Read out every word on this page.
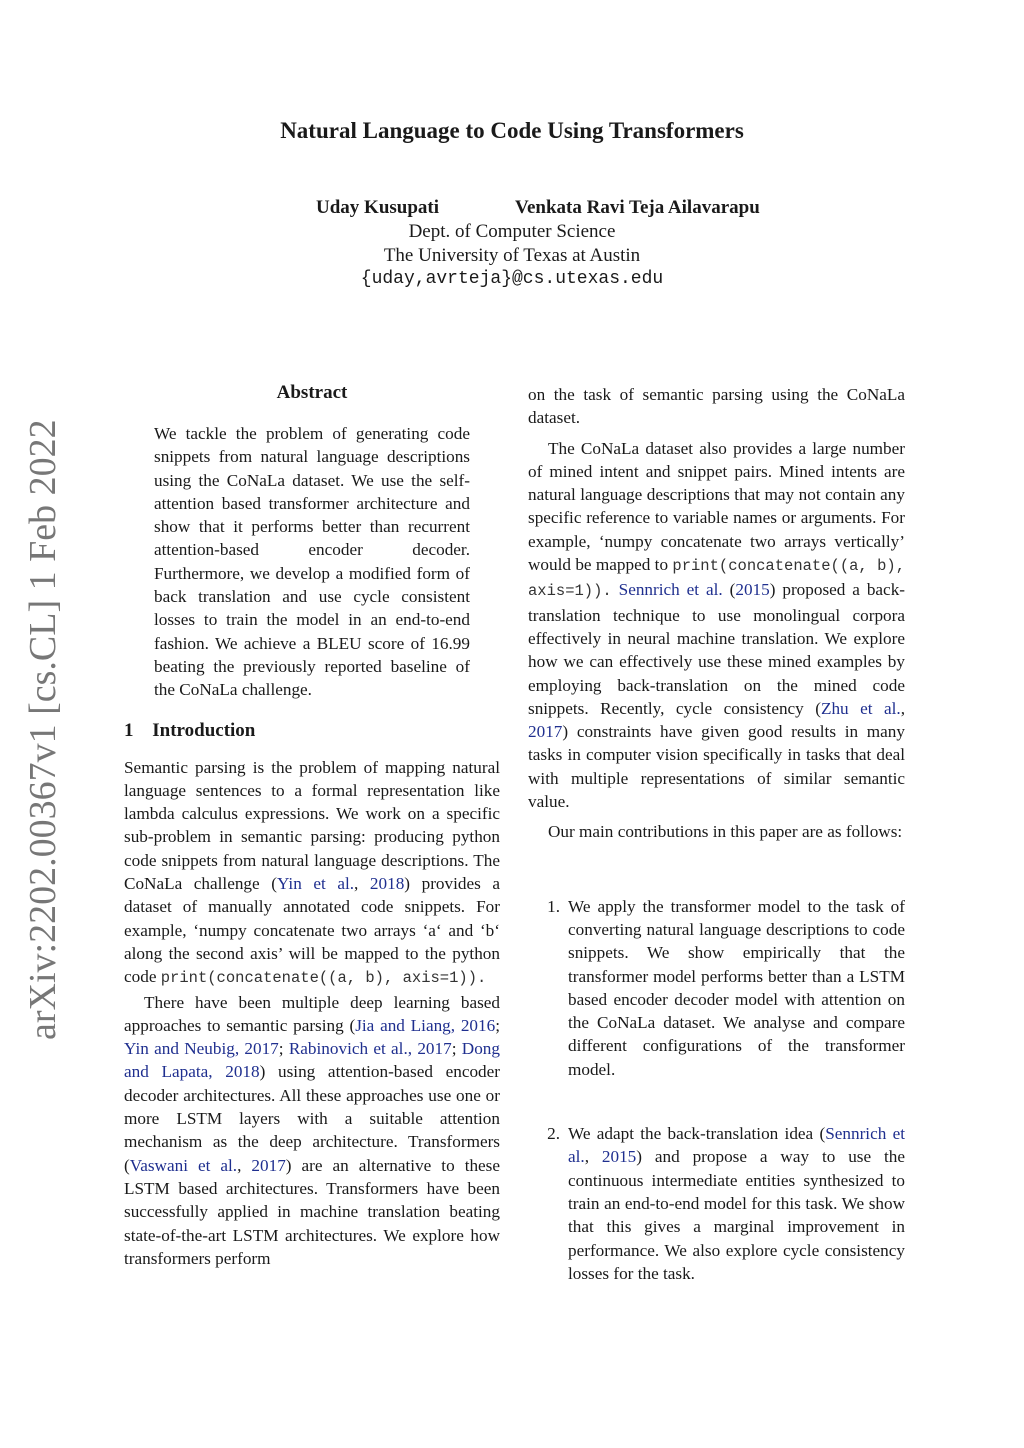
arXiv:2202.00367v1 [cs.CL] 1 Feb 2022
Natural Language to Code Using Transformers
Uday Kusupati	Venkata Ravi Teja Ailavarapu
Dept. of Computer Science
The University of Texas at Austin
{uday,avrteja}@cs.utexas.edu
Abstract

We tackle the problem of generating code snippets from natural language descriptions using the CoNaLa dataset. We use the self-attention based transformer architecture and show that it performs better than recurrent attention-based encoder decoder. Furthermore, we develop a modified form of back translation and use cycle consistent losses to train the model in an end-to-end fashion. We achieve a BLEU score of 16.99 beating the previously reported baseline of the CoNaLa challenge.

1 Introduction

Semantic parsing is the problem of mapping natural language sentences to a formal representation like lambda calculus expressions. We work on a specific sub-problem in semantic parsing: producing python code snippets from natural language descriptions. The CoNaLa challenge (Yin et al., 2018) provides a dataset of manually annotated code snippets. For example, ‘numpy concatenate two arrays ‘a‘ and ‘b‘ along the second axis’ will be mapped to the python code print(concatenate((a, b), axis=1)).

There have been multiple deep learning based approaches to semantic parsing (Jia and Liang, 2016; Yin and Neubig, 2017; Rabinovich et al., 2017; Dong and Lapata, 2018) using attention-based encoder decoder architectures. All these approaches use one or more LSTM layers with a suitable attention mechanism as the deep architecture. Transformers (Vaswani et al., 2017) are an alternative to these LSTM based architectures. Transformers have been successfully applied in machine translation beating state-of-the-art LSTM architectures. We explore how transformers perform

on the task of semantic parsing using the CoNaLa dataset.

The CoNaLa dataset also provides a large number of mined intent and snippet pairs. Mined intents are natural language descriptions that may not contain any specific reference to variable names or arguments. For example, ‘numpy concatenate two arrays vertically’ would be mapped to print(concatenate((a, b), axis=1)). Sennrich et al. (2015) proposed a back-translation technique to use monolingual corpora effectively in neural machine translation. We explore how we can effectively use these mined examples by employing back-translation on the mined code snippets. Recently, cycle consistency (Zhu et al., 2017) constraints have given good results in many tasks in computer vision specifically in tasks that deal with multiple representations of similar semantic value.

Our main contributions in this paper are as follows:

1. We apply the transformer model to the task of converting natural language descriptions to code snippets. We show empirically that the transformer model performs better than a LSTM based encoder decoder model with attention on the CoNaLa dataset. We analyse and compare different configurations of the transformer model.
2. We adapt the back-translation idea (Sennrich et al., 2015) and propose a way to use the continuous intermediate entities synthesized to train an end-to-end model for this task. We show that this gives a marginal improvement in performance. We also explore cycle consistency losses for the task.
